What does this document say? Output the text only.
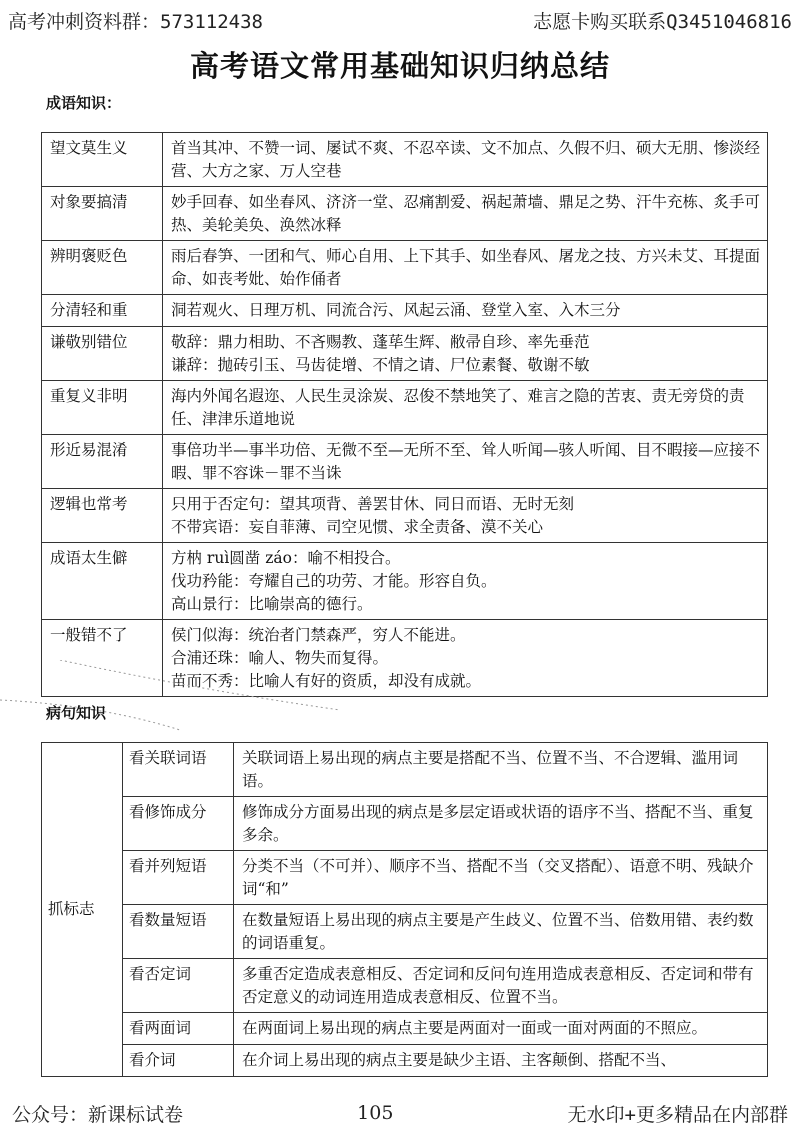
高考冲刺资料群：573112438	志愿卡购买联系Q3451046816
高考语文常用基础知识归纳总结
成语知识：
望文莫生义	首当其冲、不赞一词、屡试不爽、不忍卒读、文不加点、久假不归、硕大无朋、惨淡经营、大方之家、万人空巷

对象要搞清	妙手回春、如坐春风、济济一堂、忍痛割爱、祸起萧墙、鼎足之势、汗牛充栋、炙手可热、美轮美奂、涣然冰释

辨明褒贬色	雨后春笋、一团和气、师心自用、上下其手、如坐春风、屠龙之技、方兴未艾、耳提面命、如丧考妣、始作俑者

分清轻和重	洞若观火、日理万机、同流合污、风起云涌、登堂入室、入木三分

谦敬别错位	敬辞：鼎力相助、不吝赐教、蓬荜生辉、敝帚自珍、率先垂范
谦辞：抛砖引玉、马齿徒增、不情之请、尸位素餐、敬谢不敏

重复义非明	海内外闻名遐迩、人民生灵涂炭、忍俊不禁地笑了、难言之隐的苦衷、责无旁贷的责任、津津乐道地说

形近易混淆	事倍功半—事半功倍、无微不至—无所不至、耸人听闻—骇人听闻、目不暇接—应接不暇、罪不容诛－罪不当诛

逻辑也常考	只用于否定句：望其项背、善罢甘休、同日而语、无时无刻
不带宾语：妄自菲薄、司空见惯、求全责备、漠不关心

成语太生僻	方枘 ruì圆凿 záo：喻不相投合。
伐功矜能：夸耀自己的功劳、才能。形容自负。
高山景行：比喻崇高的德行。

一般错不了	侯门似海：统治者门禁森严，穷人不能进。
合浦还珠：喻人、物失而复得。
苗而不秀：比喻人有好的资质，却没有成就。
病句知识
抓标志	看关联词语	关联词语上易出现的病点主要是搭配不当、位置不当、不合逻辑、滥用词语。
	看修饰成分	修饰成分方面易出现的病点是多层定语或状语的语序不当、搭配不当、重复多余。
	看并列短语	分类不当（不可并）、顺序不当、搭配不当（交叉搭配）、语意不明、残缺介词“和”
	看数量短语	在数量短语上易出现的病点主要是产生歧义、位置不当、倍数用错、表约数的词语重复。
	看否定词	多重否定造成表意相反、否定词和反问句连用造成表意相反、否定词和带有否定意义的动词连用造成表意相反、位置不当。
	看两面词	在两面词上易出现的病点主要是两面对一面或一面对两面的不照应。
	看介词	在介词上易出现的病点主要是缺少主语、主客颠倒、搭配不当、
公众号：新课标试卷	105	无水印+更多精品在内部群
